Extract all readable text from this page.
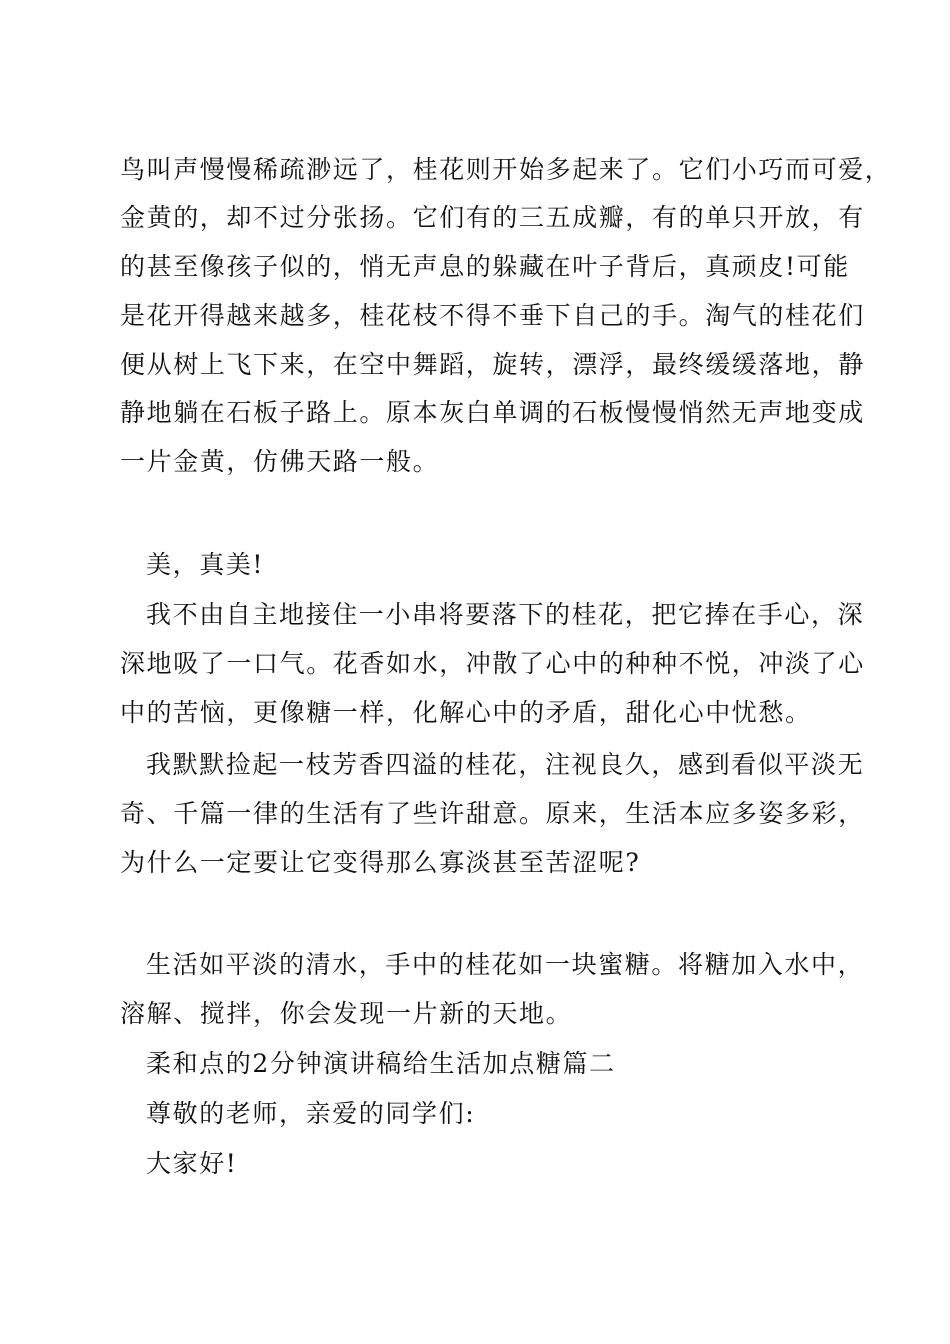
鸟叫声慢慢稀疏渺远了，桂花则开始多起来了。它们小巧而可爱，
金黄的，却不过分张扬。它们有的三五成瓣，有的单只开放，有
的甚至像孩子似的，悄无声息的躲藏在叶子背后，真顽皮!可能
是花开得越来越多，桂花枝不得不垂下自己的手。淘气的桂花们
便从树上飞下来，在空中舞蹈，旋转，漂浮，最终缓缓落地，静
静地躺在石板子路上。原本灰白单调的石板慢慢悄然无声地变成
一片金黄，仿佛天路一般。
美，真美!
我不由自主地接住一小串将要落下的桂花，把它捧在手心，深
深地吸了一口气。花香如水，冲散了心中的种种不悦，冲淡了心
中的苦恼，更像糖一样，化解心中的矛盾，甜化心中忧愁。
我默默捡起一枝芳香四溢的桂花，注视良久，感到看似平淡无
奇、千篇一律的生活有了些许甜意。原来，生活本应多姿多彩，
为什么一定要让它变得那么寡淡甚至苦涩呢?
生活如平淡的清水，手中的桂花如一块蜜糖。将糖加入水中，
溶解、搅拌，你会发现一片新的天地。
柔和点的2分钟演讲稿给生活加点糖篇二
尊敬的老师，亲爱的同学们:
大家好!
